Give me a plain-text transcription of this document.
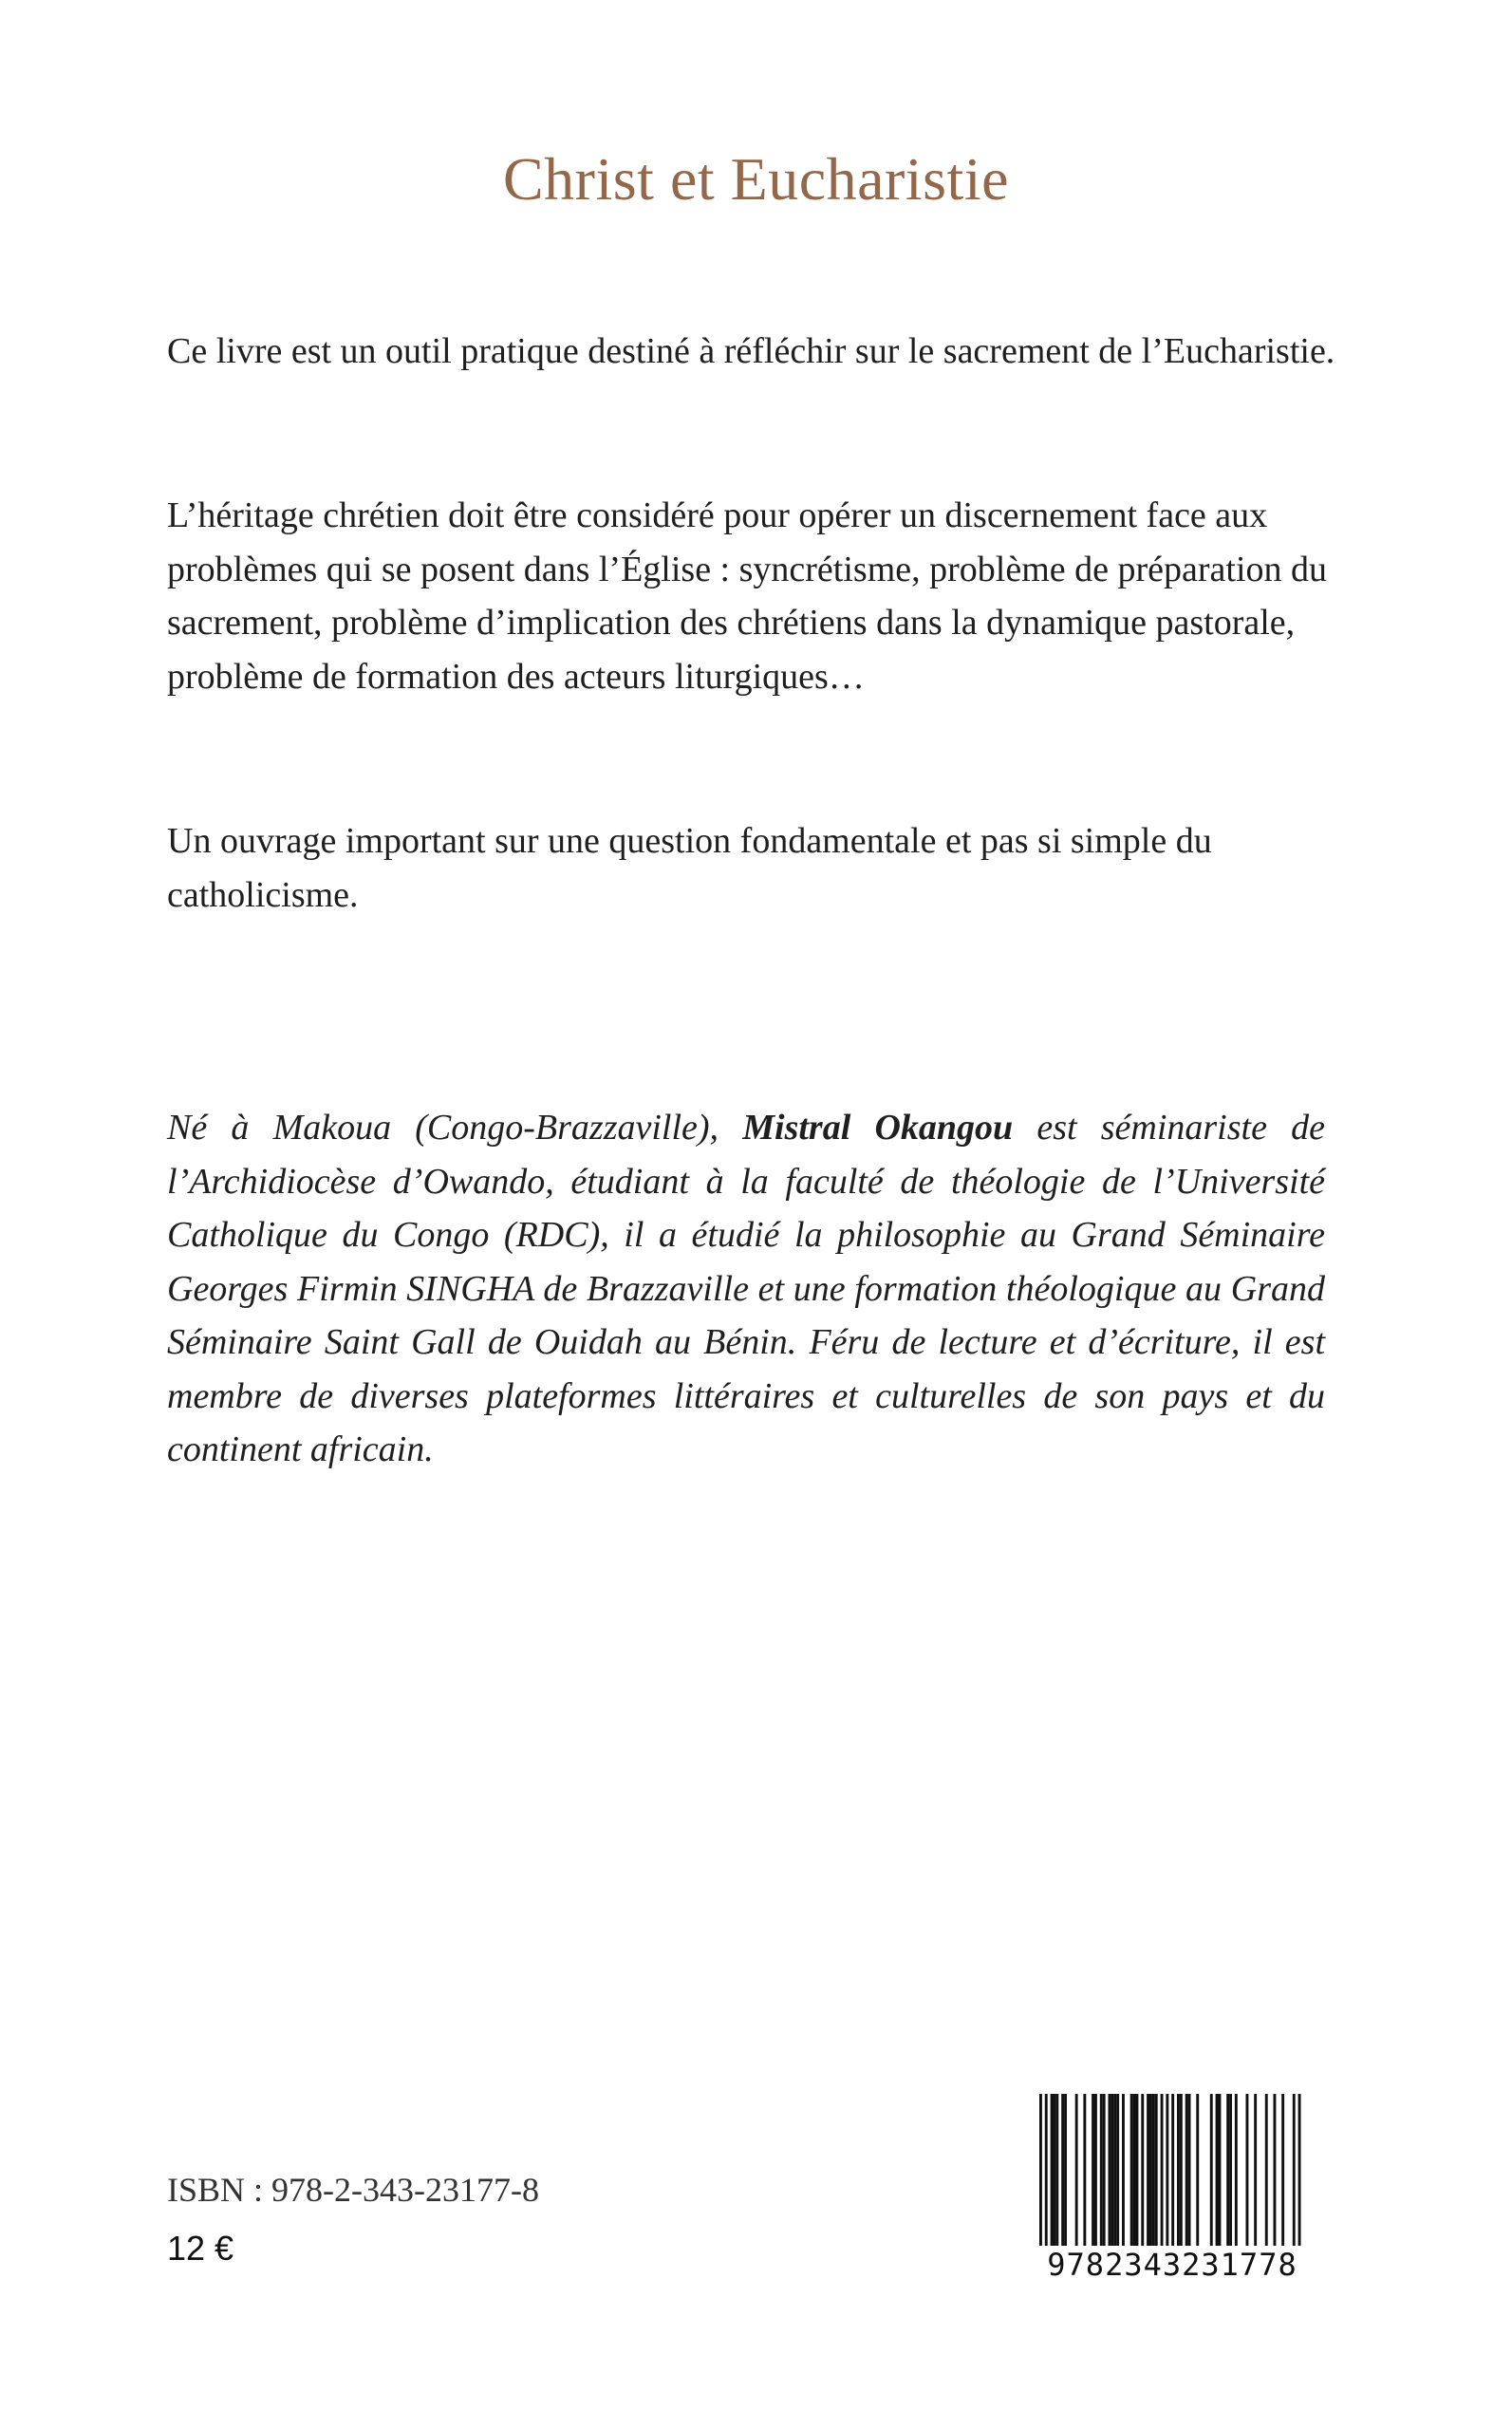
Christ et Eucharistie

Ce livre est un outil pratique destiné à réfléchir sur le sacrement de l’Eucharistie.

L’héritage chrétien doit être considéré pour opérer un discernement face aux problèmes qui se posent dans l’Église : syncrétisme, problème de préparation du sacrement, problème d’implication des chrétiens dans la dynamique pastorale, problème de formation des acteurs liturgiques…

Un ouvrage important sur une question fondamentale et pas si simple du catholicisme.

Né à Makoua (Congo-Brazzaville), Mistral Okangou est séminariste de l’Archidiocèse d’Owando, étudiant à la faculté de théologie de l’Université Catholique du Congo (RDC), il a étudié la philosophie au Grand Séminaire Georges Firmin SINGHA de Brazzaville et une formation théologique au Grand Séminaire Saint Gall de Ouidah au Bénin. Féru de lecture et d’écriture, il est membre de diverses plateformes littéraires et culturelles de son pays et du continent africain.

ISBN : 978-2-343-23177-8

12 €	9782343231778
